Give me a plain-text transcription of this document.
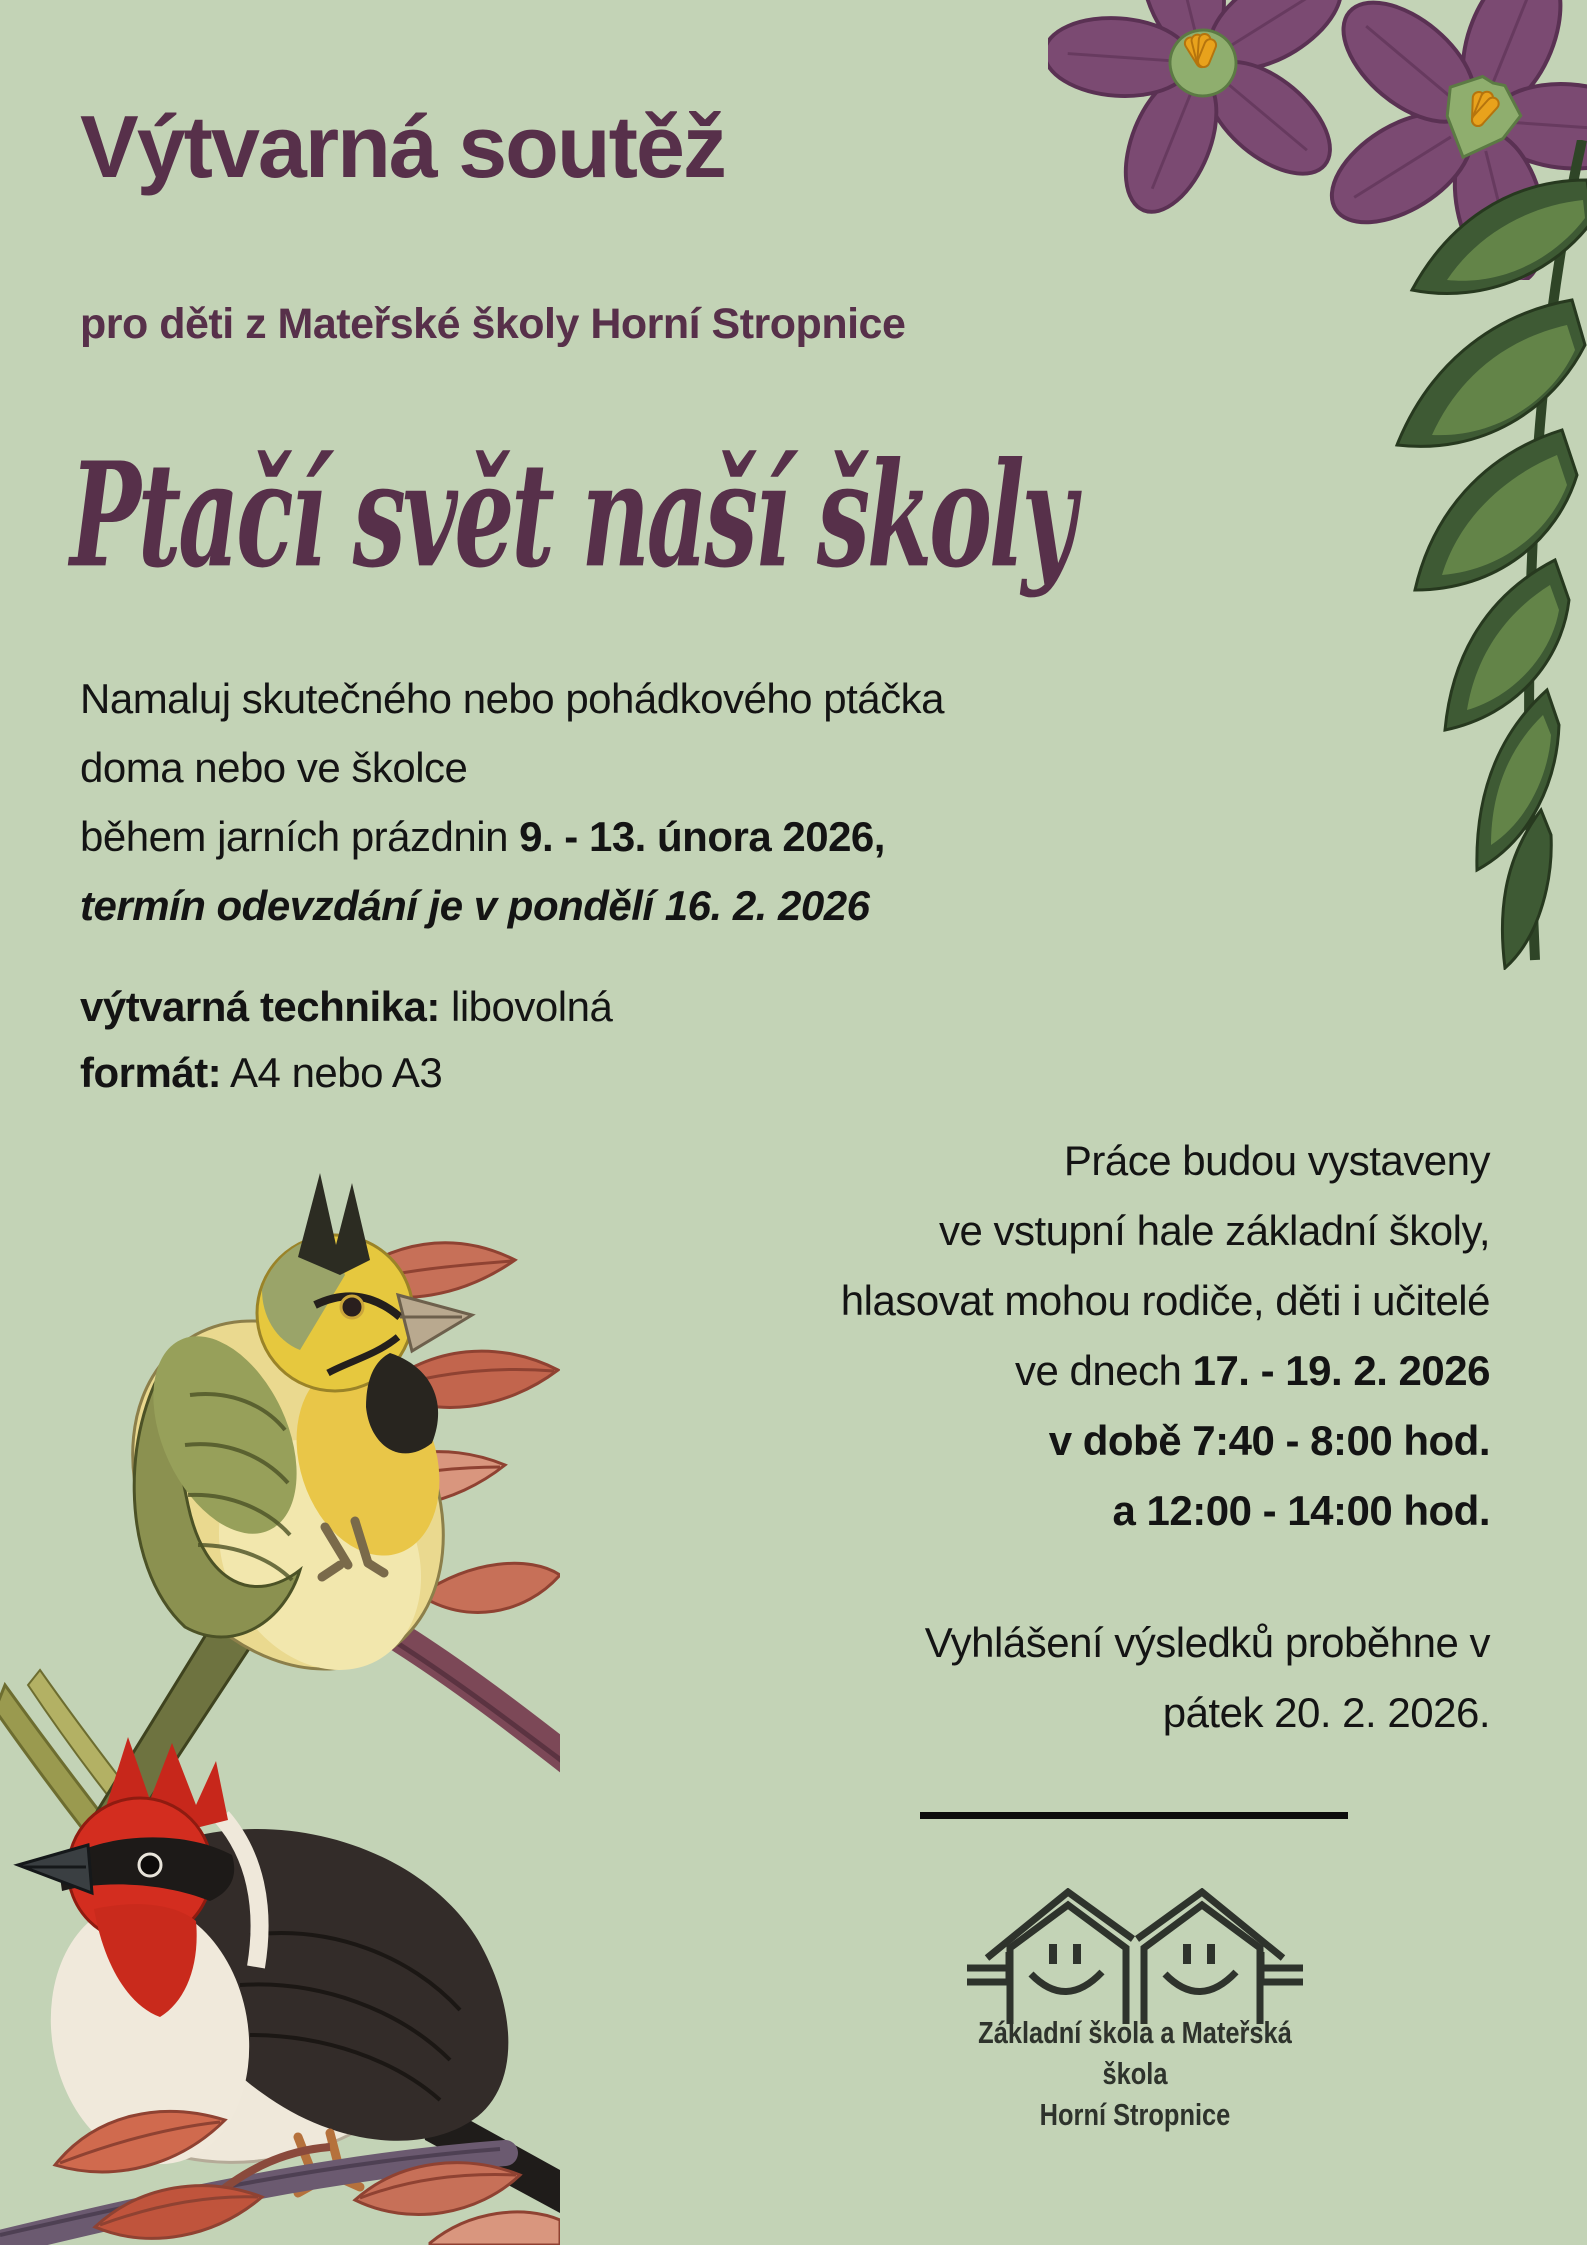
Výtvarná soutěž
pro děti z Mateřské školy Horní Stropnice
Ptačí svět naší školy
Namaluj skutečného nebo pohádkového ptáčka
doma nebo ve školce
během jarních prázdnin 9. - 13. února 2026,
termín odevzdání je v pondělí 16. 2. 2026
výtvarná technika: libovolná
formát: A4 nebo A3
Práce budou vystaveny
ve vstupní hale základní školy,
hlasovat mohou rodiče, děti i učitelé
ve dnech 17. - 19. 2. 2026
v době 7:40 - 8:00 hod.
a 12:00 - 14:00 hod.
Vyhlášení výsledků proběhne v
pátek 20. 2. 2026.
Základní škola a Mateřská škola
Horní Stropnice
